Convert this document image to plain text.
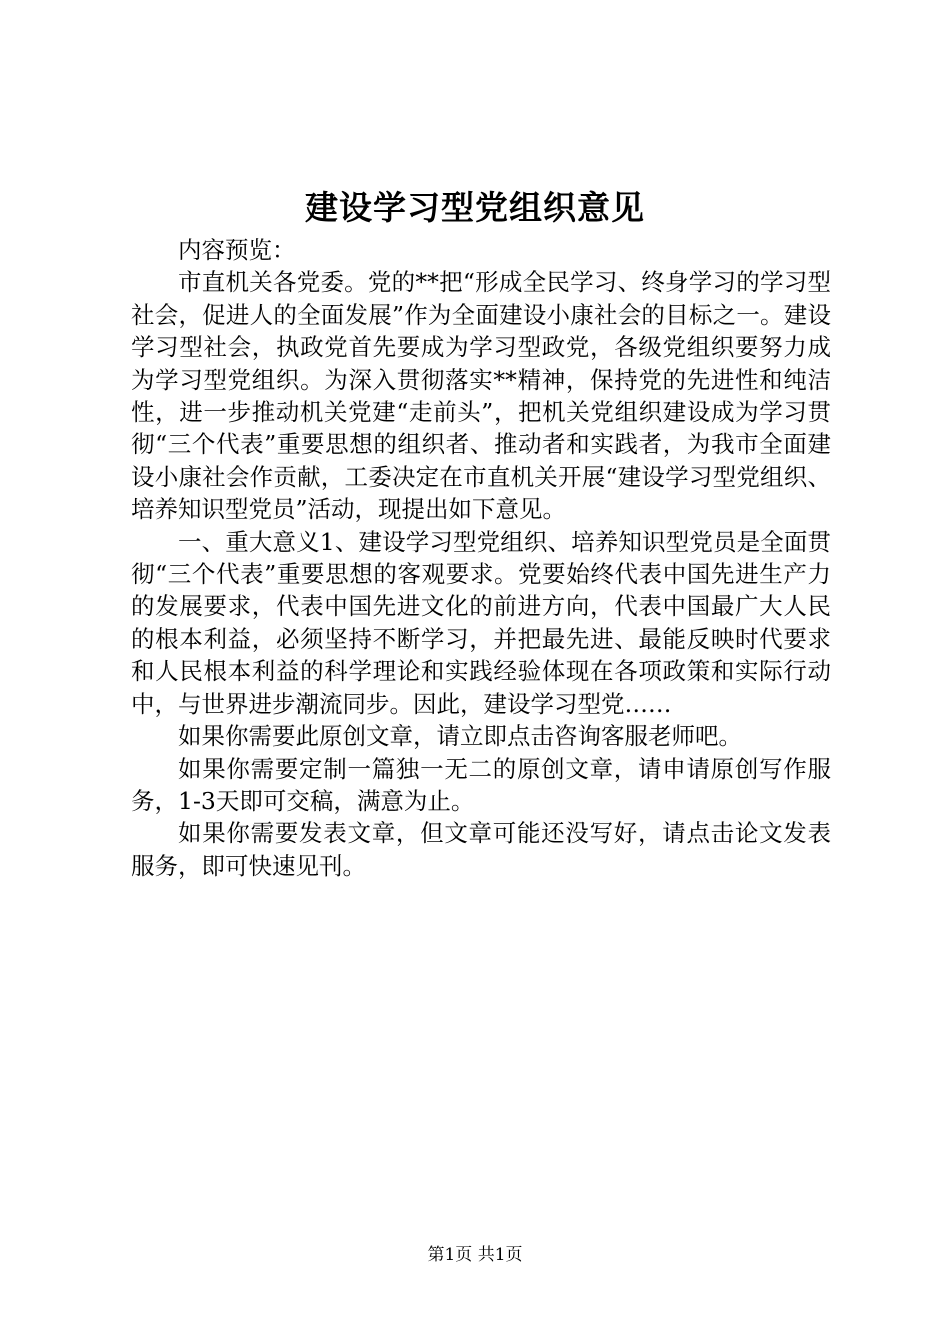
建设学习型党组织意见

内容预览：

市直机关各党委。党的**把“形成全民学习、终身学习的学习型社会，促进人的全面发展”作为全面建设小康社会的目标之一。建设学习型社会，执政党首先要成为学习型政党，各级党组织要努力成为学习型党组织。为深入贯彻落实**精神，保持党的先进性和纯洁性，进一步推动机关党建“走前头”，把机关党组织建设成为学习贯彻“三个代表”重要思想的组织者、推动者和实践者，为我市全面建设小康社会作贡献，工委决定在市直机关开展“建设学习型党组织、培养知识型党员”活动，现提出如下意见。

一、重大意义1、建设学习型党组织、培养知识型党员是全面贯彻“三个代表”重要思想的客观要求。党要始终代表中国先进生产力的发展要求，代表中国先进文化的前进方向，代表中国最广大人民的根本利益，必须坚持不断学习，并把最先进、最能反映时代要求和人民根本利益的科学理论和实践经验体现在各项政策和实际行动中，与世界进步潮流同步。因此，建设学习型党……

如果你需要此原创文章，请立即点击咨询客服老师吧。

如果你需要定制一篇独一无二的原创文章，请申请原创写作服务，1-3天即可交稿，满意为止。

如果你需要发表文章，但文章可能还没写好，请点击论文发表服务，即可快速见刊。

第1页 共1页
